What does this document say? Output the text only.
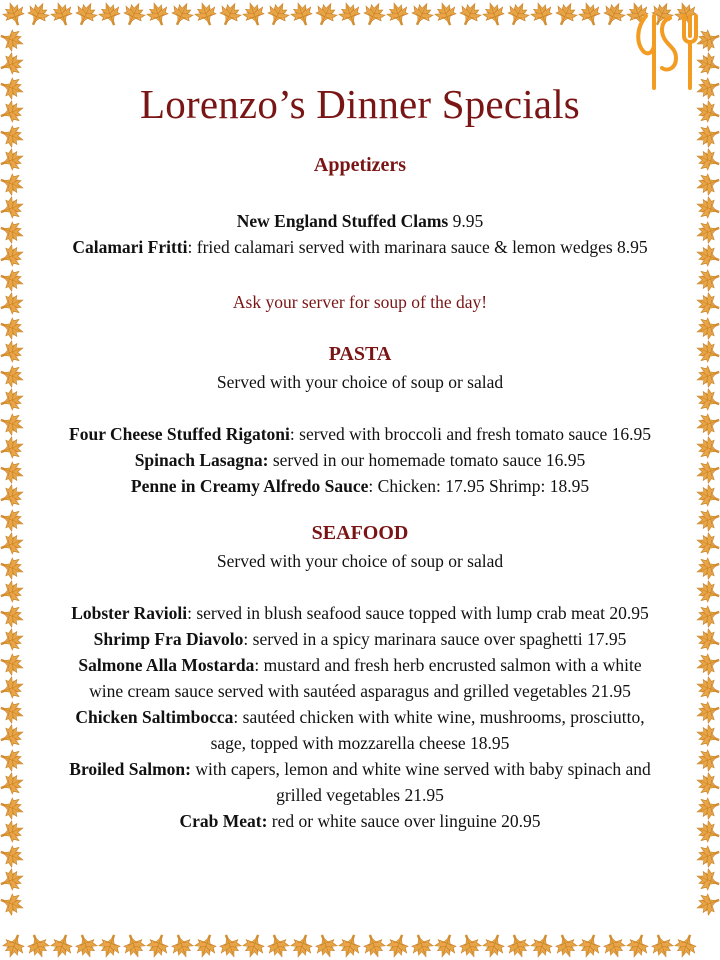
Lorenzo’s Dinner Specials
Appetizers

New England Stuffed Clams 9.95

Calamari Fritti: fried calamari served with marinara sauce & lemon wedges 8.95

Ask your server for soup of the day!

PASTA

Served with your choice of soup or salad

Four Cheese Stuffed Rigatoni: served with broccoli and fresh tomato sauce 16.95

Spinach Lasagna: served in our homemade tomato sauce 16.95

Penne in Creamy Alfredo Sauce: Chicken: 17.95 Shrimp: 18.95

SEAFOOD

Served with your choice of soup or salad

Lobster Ravioli: served in blush seafood sauce topped with lump crab meat 20.95

Shrimp Fra Diavolo: served in a spicy marinara sauce over spaghetti 17.95

Salmone Alla Mostarda: mustard and fresh herb encrusted salmon with a white

wine cream sauce served with sautéed asparagus and grilled vegetables 21.95

Chicken Saltimbocca: sautéed chicken with white wine, mushrooms, prosciutto,

sage, topped with mozzarella cheese 18.95

Broiled Salmon: with capers, lemon and white wine served with baby spinach and

grilled vegetables 21.95

Crab Meat: red or white sauce over linguine 20.95
